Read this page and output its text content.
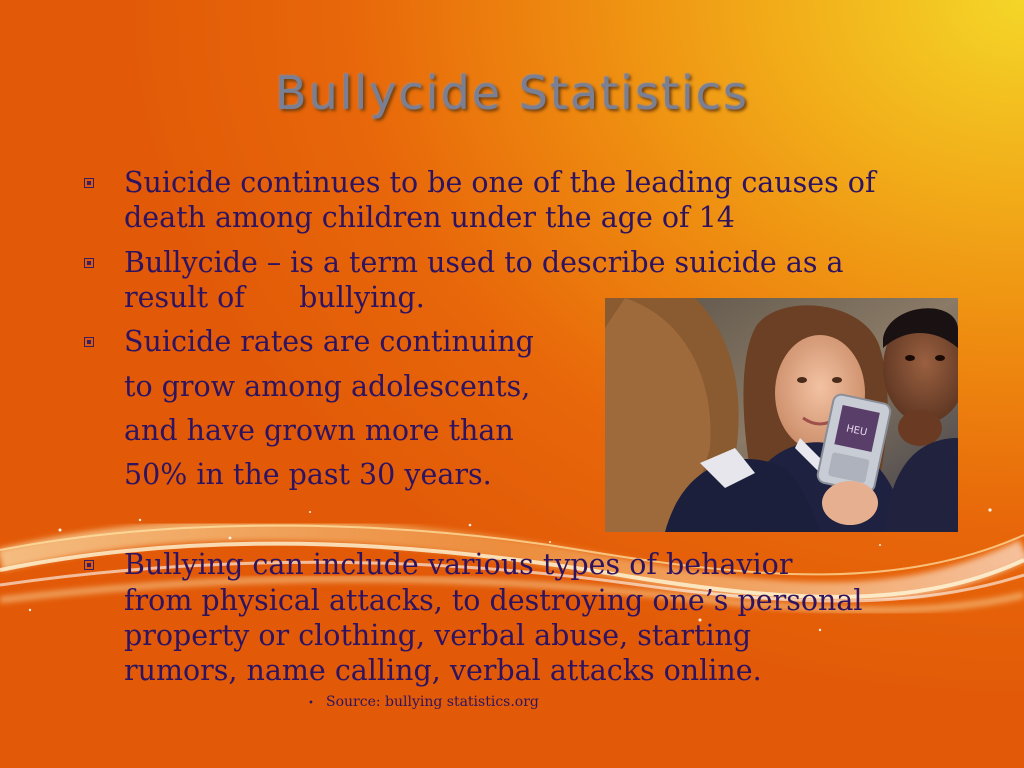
Bullycide Statistics
Suicide continues to be one of the leading causes of
death among children under the age of 14
Bullycide – is a term used to describe suicide as a
result of      bullying.
Suicide rates are continuing
to grow among adolescents,
and have grown more than
50% in the past 30 years.
HEU
Bullying can include various types of behavior
from physical attacks, to destroying one’s personal
property or clothing, verbal abuse, starting
rumors, name calling, verbal attacks online.
• Source: bullying statistics.org
